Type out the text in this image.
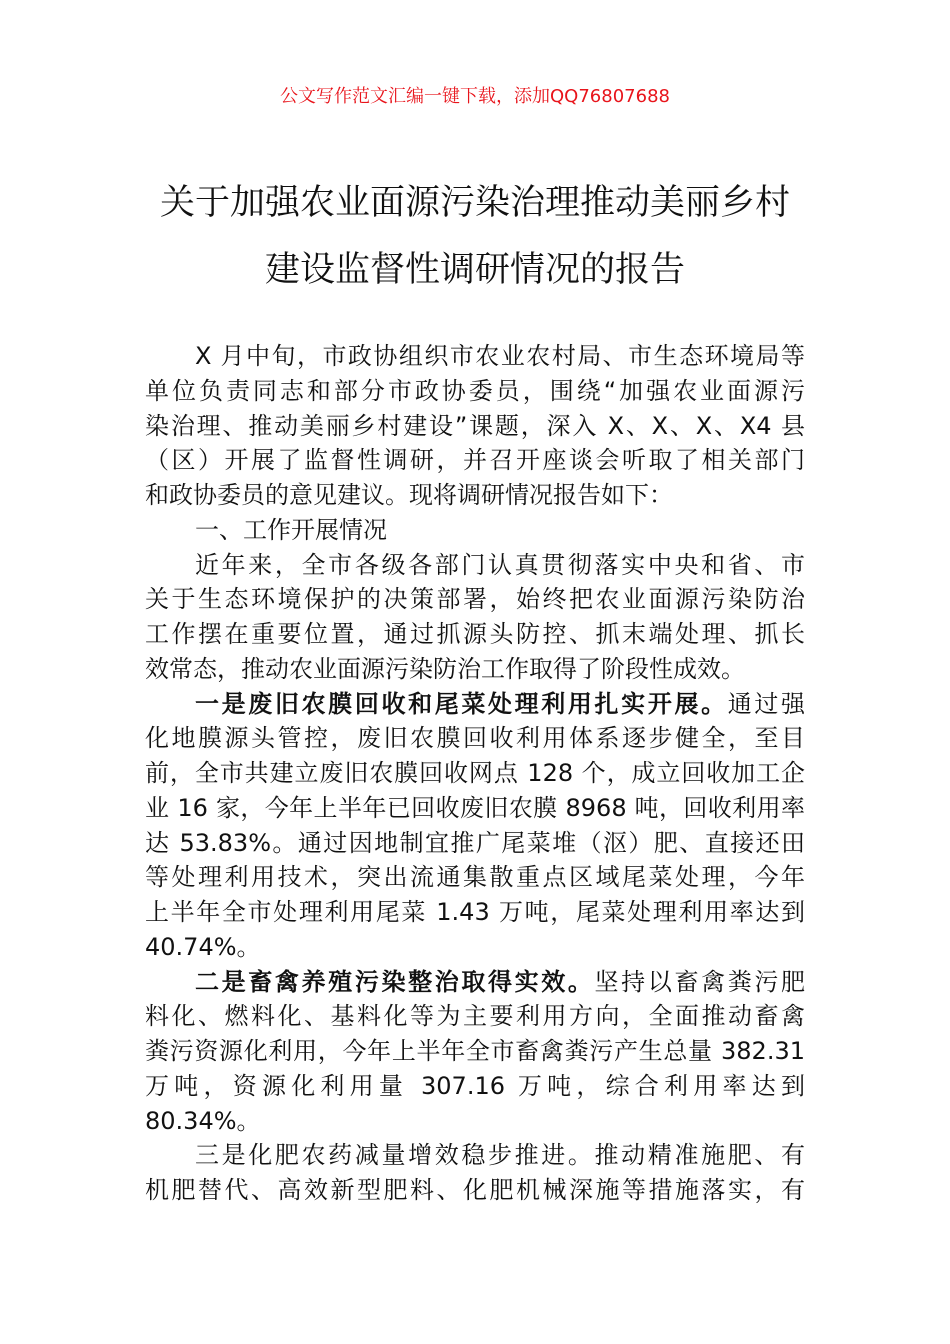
公文写作范文汇编一键下载，添加QQ76807688
关于加强农业面源污染治理推动美丽乡村
建设监督性调研情况的报告
X 月中旬，市政协组织市农业农村局、市生态环境局等
单位负责同志和部分市政协委员，围绕“加强农业面源污
染治理、推动美丽乡村建设”课题，深入 X、X、X、X4 县
（区）开展了监督性调研，并召开座谈会听取了相关部门
和政协委员的意见建议。现将调研情况报告如下：
一、工作开展情况
近年来，全市各级各部门认真贯彻落实中央和省、市
关于生态环境保护的决策部署，始终把农业面源污染防治
工作摆在重要位置，通过抓源头防控、抓末端处理、抓长
效常态，推动农业面源污染防治工作取得了阶段性成效。
一是废旧农膜回收和尾菜处理利用扎实开展。通过强
化地膜源头管控，废旧农膜回收利用体系逐步健全，至目
前，全市共建立废旧农膜回收网点 128 个，成立回收加工企
业 16 家，今年上半年已回收废旧农膜 8968 吨，回收利用率
达 53.83%。通过因地制宜推广尾菜堆（沤）肥、直接还田
等处理利用技术，突出流通集散重点区域尾菜处理，今年
上半年全市处理利用尾菜 1.43 万吨，尾菜处理利用率达到
40.74%。
二是畜禽养殖污染整治取得实效。坚持以畜禽粪污肥
料化、燃料化、基料化等为主要利用方向，全面推动畜禽
粪污资源化利用，今年上半年全市畜禽粪污产生总量 382.31
万吨，资源化利用量 307.16 万吨，综合利用率达到
80.34%。
三是化肥农药减量增效稳步推进。推动精准施肥、有
机肥替代、高效新型肥料、化肥机械深施等措施落实，有
